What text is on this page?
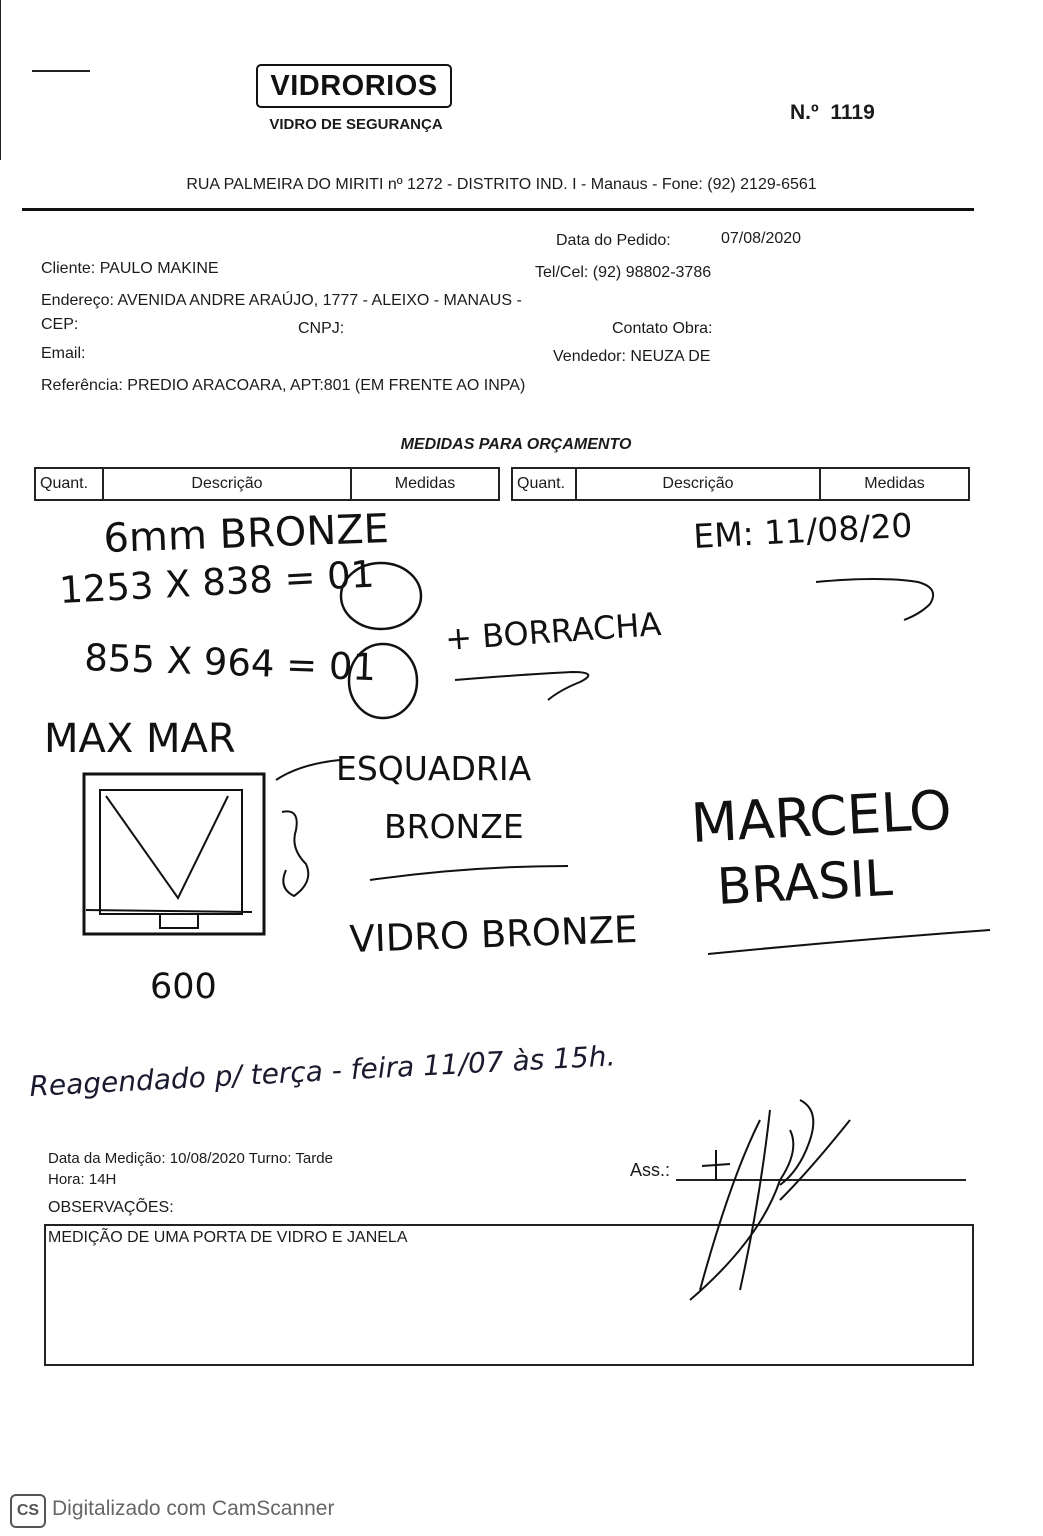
VIDRORIOS
VIDRO DE SEGURANÇA
N.º 1119
RUA PALMEIRA DO MIRITI nº 1272 - DISTRITO IND. I - Manaus - Fone: (92) 2129-6561
Data do Pedido:	07/08/2020
Cliente: PAULO MAKINE	Tel/Cel: (92) 98802-3786
Endereço: AVENIDA ANDRE ARAÚJO, 1777 - ALEIXO - MANAUS -
CEP:	CNPJ:	Contato Obra:
Email:	Vendedor: NEUZA DE
Referência: PREDIO ARACOARA, APT:801 (EM FRENTE AO INPA)
MEDIDAS PARA ORÇAMENTO
Quant.	Descrição	Medidas	Quant.	Descrição	Medidas
6mm BRONZE
1253 X 838 = 01
855 X 964 = 01
+ BORRACHA
MAX MAR
ESQUADRIA
BRONZE
VIDRO BRONZE
600
EM: 11/08/20
MARCELO
BRASIL
Reagendado p/ terça - feira 11/07 às 15h.
Data da Medição: 10/08/2020 Turno: Tarde
Hora: 14H
OBSERVAÇÕES:
Ass.:
MEDIÇÃO DE UMA PORTA DE VIDRO E JANELA
CS Digitalizado com CamScanner
